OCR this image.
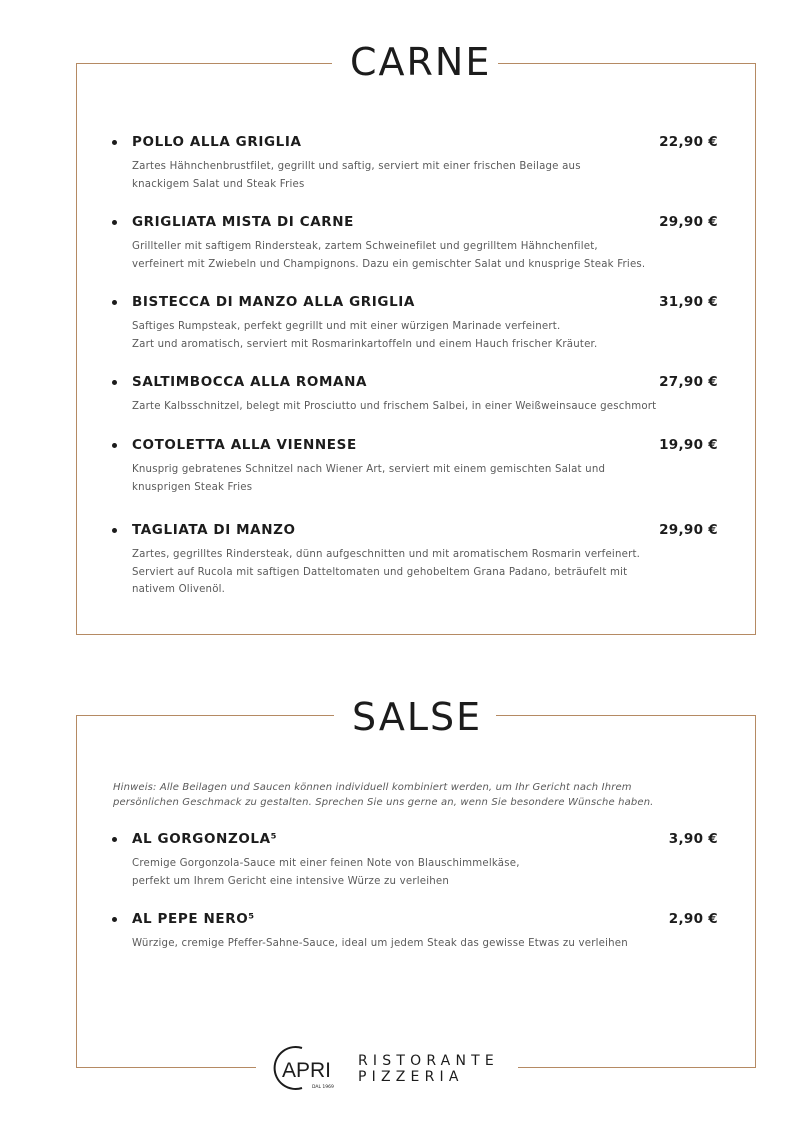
CARNE
POLLO ALLA GRIGLIA	22,90 €
Zartes Hähnchenbrustfilet, gegrillt und saftig, serviert mit einer frischen Beilage aus
knackigem Salat und Steak Fries
GRIGLIATA MISTA DI CARNE	29,90 €
Grillteller mit saftigem Rindersteak, zartem Schweinefilet und gegrilltem Hähnchenfilet,
verfeinert mit Zwiebeln und Champignons. Dazu ein gemischter Salat und knusprige Steak Fries.
BISTECCA DI MANZO ALLA GRIGLIA	31,90 €
Saftiges Rumpsteak, perfekt gegrillt und mit einer würzigen Marinade verfeinert.
Zart und aromatisch, serviert mit Rosmarinkartoffeln und einem Hauch frischer Kräuter.
SALTIMBOCCA ALLA ROMANA	27,90 €
Zarte Kalbsschnitzel, belegt mit Prosciutto und frischem Salbei, in einer Weißweinsauce geschmort
COTOLETTA ALLA VIENNESE	19,90 €
Knusprig gebratenes Schnitzel nach Wiener Art, serviert mit einem gemischten Salat und
knusprigen Steak Fries
TAGLIATA DI MANZO	29,90 €
Zartes, gegrilltes Rindersteak, dünn aufgeschnitten und mit aromatischem Rosmarin verfeinert.
Serviert auf Rucola mit saftigen Datteltomaten und gehobeltem Grana Padano, beträufelt mit
nativem Olivenöl.
SALSE
Hinweis: Alle Beilagen und Saucen können individuell kombiniert werden, um Ihr Gericht nach Ihrem
persönlichen Geschmack zu gestalten. Sprechen Sie uns gerne an, wenn Sie besondere Wünsche haben.
AL GORGONZOLA⁵	3,90 €
Cremige Gorgonzola-Sauce mit einer feinen Note von Blauschimmelkäse,
perfekt um Ihrem Gericht eine intensive Würze zu verleihen
AL PEPE NERO⁵	2,90 €
Würzige, cremige Pfeffer-Sahne-Sauce, ideal um jedem Steak das gewisse Etwas zu verleihen
APRI
DAL 1969
RISTORANTE
PIZZERIA
